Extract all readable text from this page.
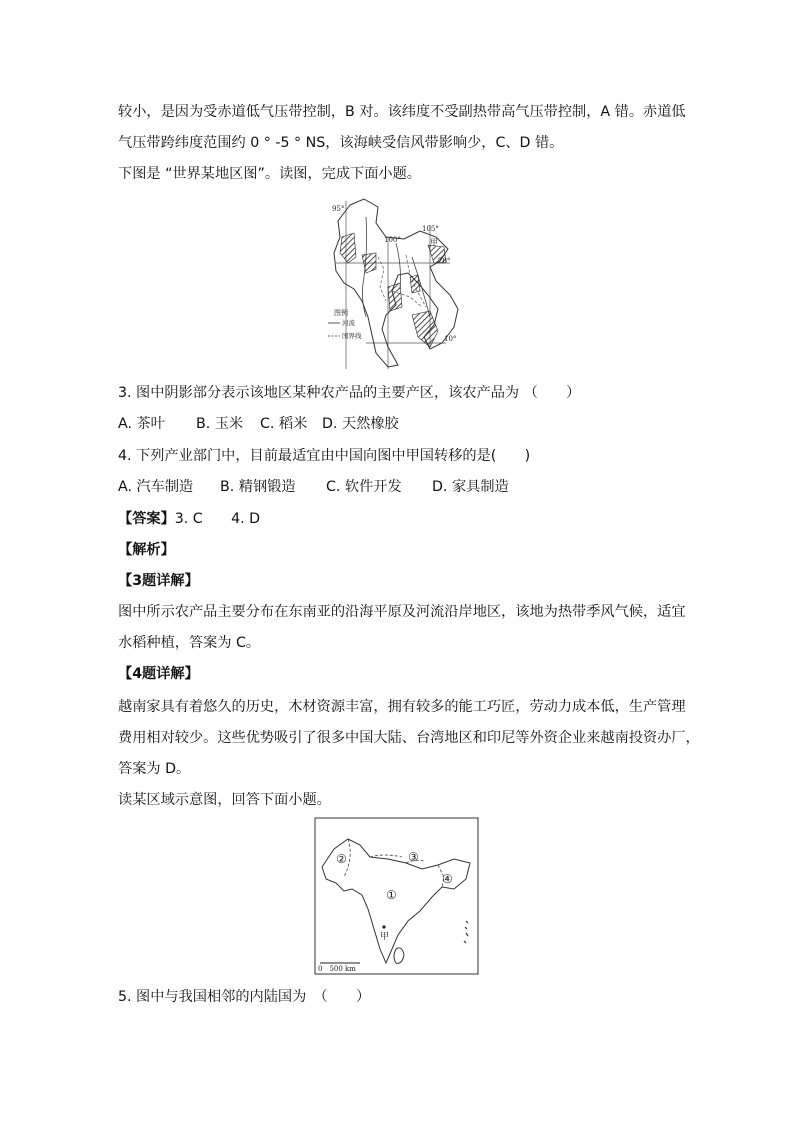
较小，是因为受赤道低气压带控制，B 对。该纬度不受副热带高气压带控制，A 错。赤道低
气压带跨纬度范围约 0 ° -5 ° NS，该海峡受信风带影响少，C、D 错。
下图是 “世界某地区图”。读图，完成下面小题。
95°
100°
105°
20°
10°
甲
图例
河流
国界线
3. 图中阴影部分表示该地区某种农产品的主要产区，该农产品为 （　　）
A. 茶叶 B. 玉米 C. 稻米 D. 天然橡胶
4. 下列产业部门中，目前最适宜由中国向图中甲国转移的是(　　)
A. 汽车制造 B. 精钢锻造 C. 软件开发 D. 家具制造
【答案】3. C　　4. D
【解析】
【3题详解】
图中所示农产品主要分布在东南亚的沿海平原及河流沿岸地区，该地为热带季风气候，适宜
水稻种植，答案为 C。
【4题详解】
越南家具有着悠久的历史，木材资源丰富，拥有较多的能工巧匠，劳动力成本低，生产管理
费用相对较少。这些优势吸引了很多中国大陆、台湾地区和印尼等外资企业来越南投资办厂，
答案为 D。
读某区域示意图，回答下面小题。
②	③
①
④
甲
0　500 km
5. 图中与我国相邻的内陆国为　（　　）
